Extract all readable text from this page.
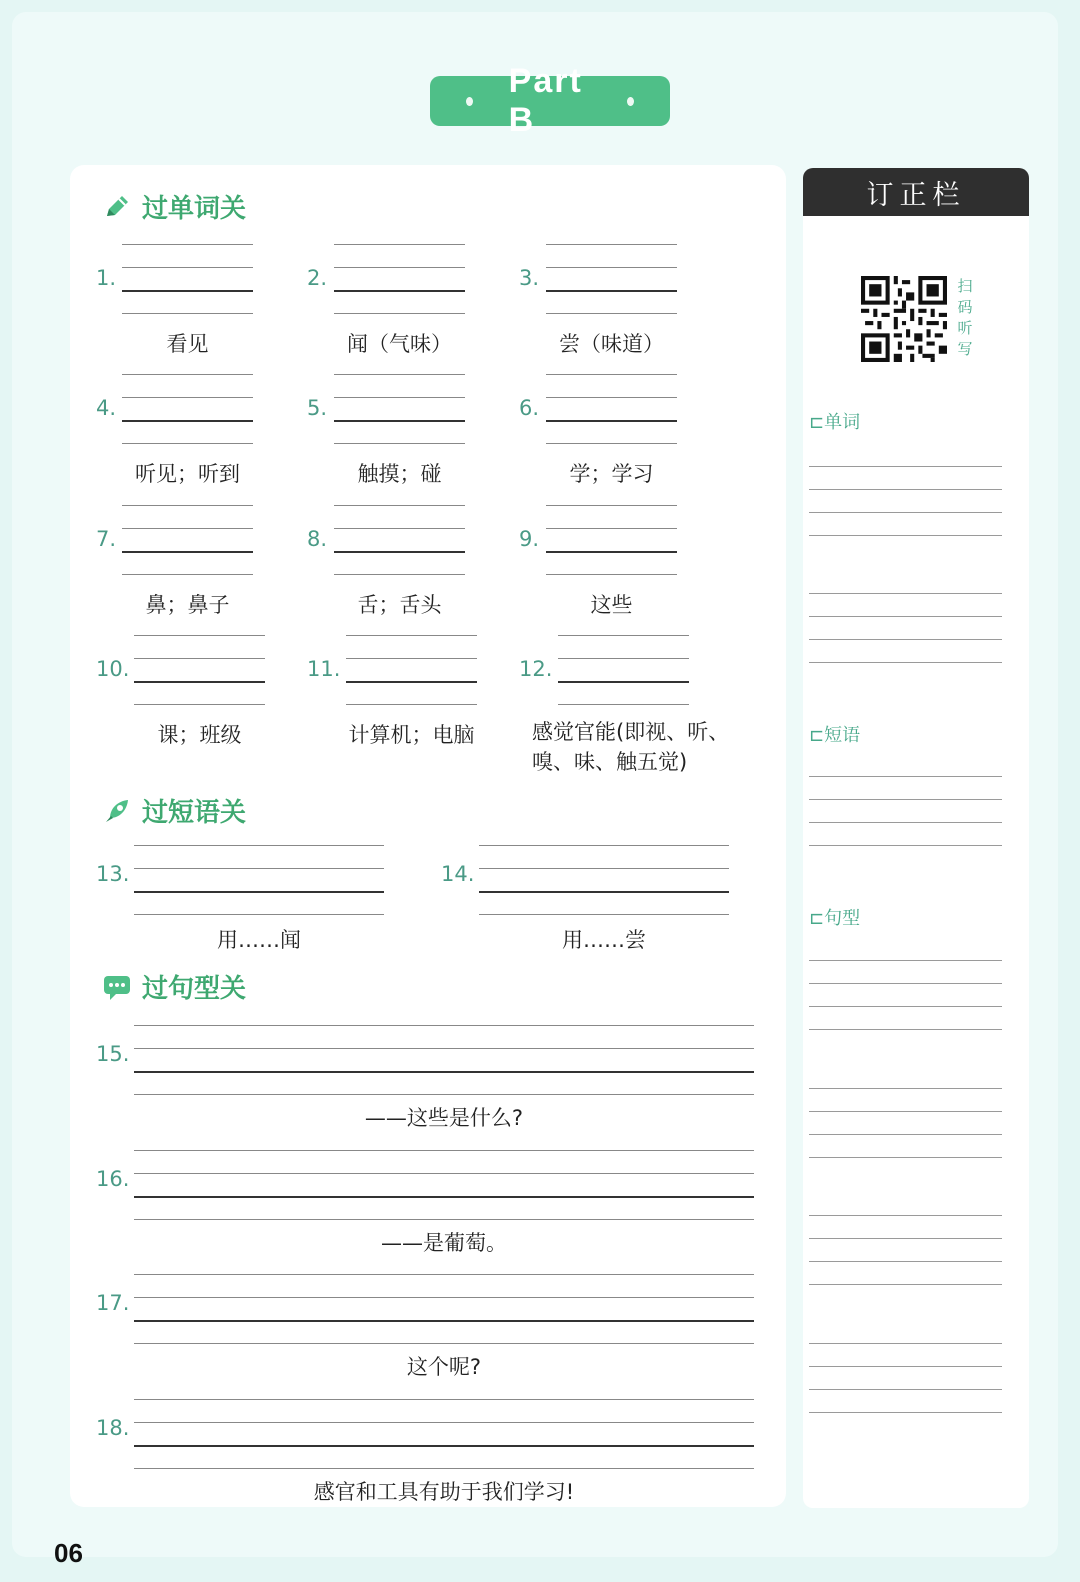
Part B
过单词关
1.
看见
2.
闻（气味）
3.
尝（味道）
4.
听见；听到
5.
触摸；碰
6.
学；学习
7.
鼻；鼻子
8.
舌；舌头
9.
这些
10.
课；班级
11.
计算机；电脑
12.
感觉官能(即视、听、嗅、味、触五觉)
过短语关
13.
用……闻
14.
用……尝
过句型关
15.
——这些是什么?
16.
——是葡萄。
17.
这个呢?
18.
感官和工具有助于我们学习!
订正栏
扫码听写
⊏单词
⊏短语
⊏句型
06
